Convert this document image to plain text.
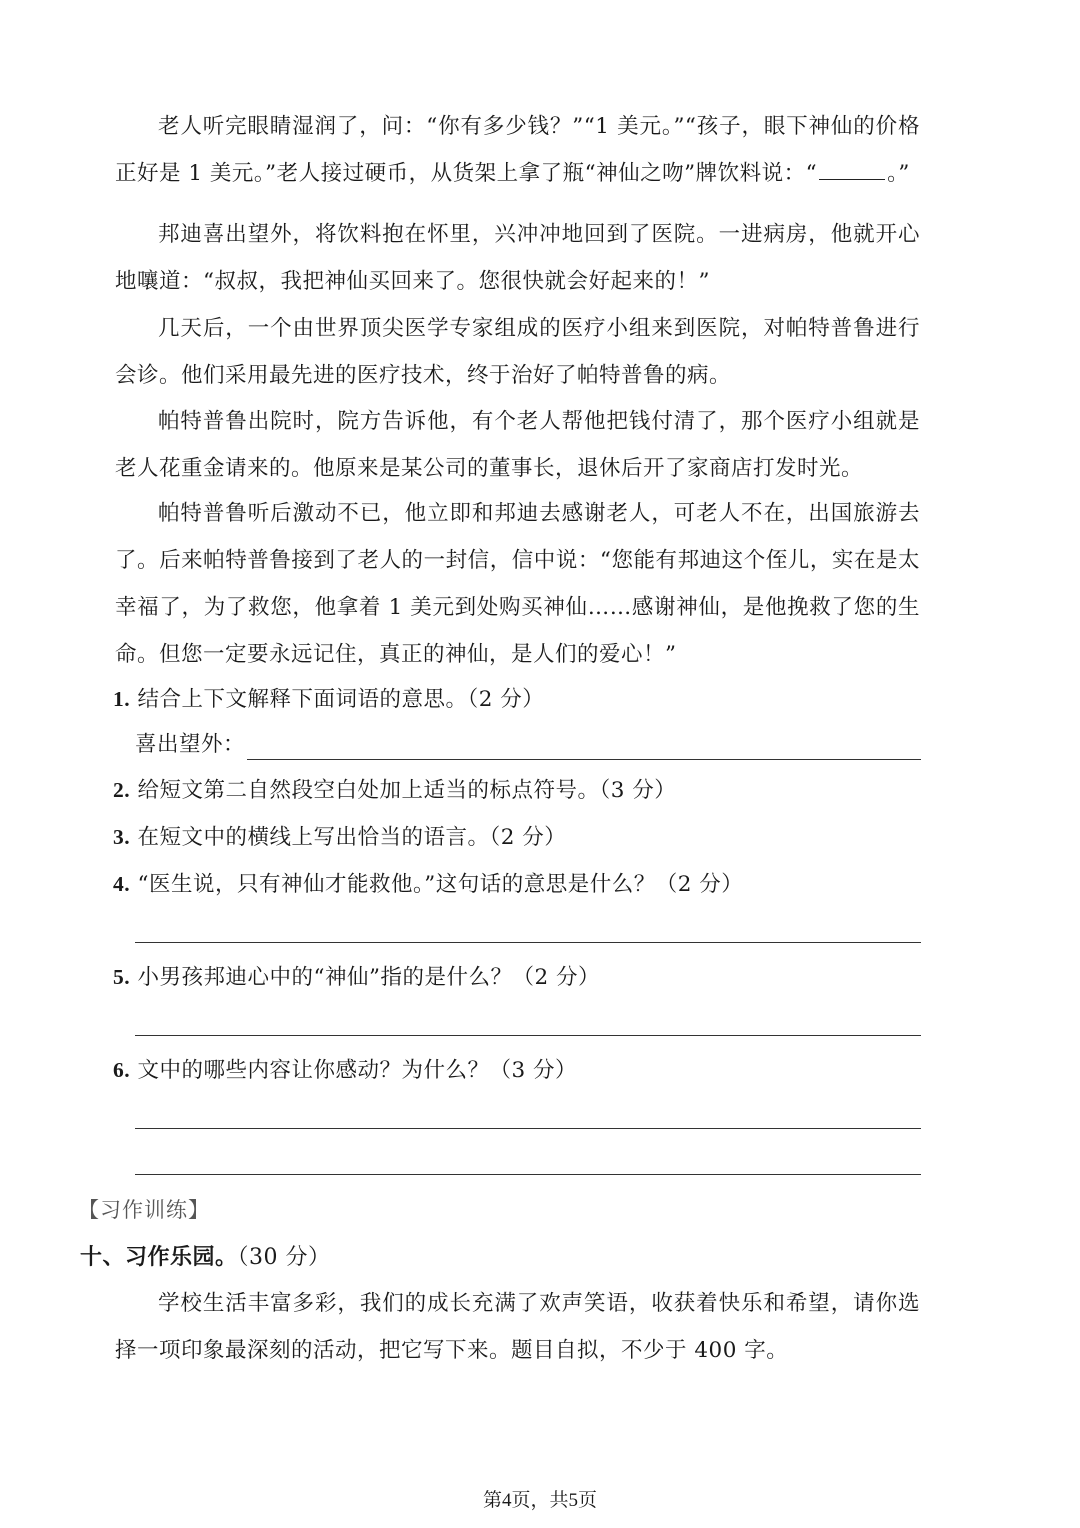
老人听完眼睛湿润了，问：“你有多少钱？”“1 美元。”“孩子，眼下神仙的价格正好是 1 美元。”老人接过硬币，从货架上拿了瓶“神仙之吻”牌饮料说：“	。”

邦迪喜出望外，将饮料抱在怀里，兴冲冲地回到了医院。一进病房，他就开心地嚷道：“叔叔，我把神仙买回来了。您很快就会好起来的！”

几天后，一个由世界顶尖医学专家组成的医疗小组来到医院，对帕特普鲁进行会诊。他们采用最先进的医疗技术，终于治好了帕特普鲁的病。

帕特普鲁出院时，院方告诉他，有个老人帮他把钱付清了，那个医疗小组就是老人花重金请来的。他原来是某公司的董事长，退休后开了家商店打发时光。

帕特普鲁听后激动不已，他立即和邦迪去感谢老人，可老人不在，出国旅游去了。后来帕特普鲁接到了老人的一封信，信中说：“您能有邦迪这个侄儿，实在是太幸福了，为了救您，他拿着 1 美元到处购买神仙……感谢神仙，是他挽救了您的生命。但您一定要永远记住，真正的神仙，是人们的爱心！”

1. 结合上下文解释下面词语的意思。（2 分）
喜出望外：
2. 给短文第二自然段空白处加上适当的标点符号。（3 分）
3. 在短文中的横线上写出恰当的语言。（2 分）
4. “医生说，只有神仙才能救他。”这句话的意思是什么？（2 分）
5. 小男孩邦迪心中的“神仙”指的是什么？（2 分）
6. 文中的哪些内容让你感动？为什么？（3 分）
【习作训练】
十、习作乐园。（30 分）

学校生活丰富多彩，我们的成长充满了欢声笑语，收获着快乐和希望，请你选择一项印象最深刻的活动，把它写下来。题目自拟，不少于 400 字。

第4页，共5页
